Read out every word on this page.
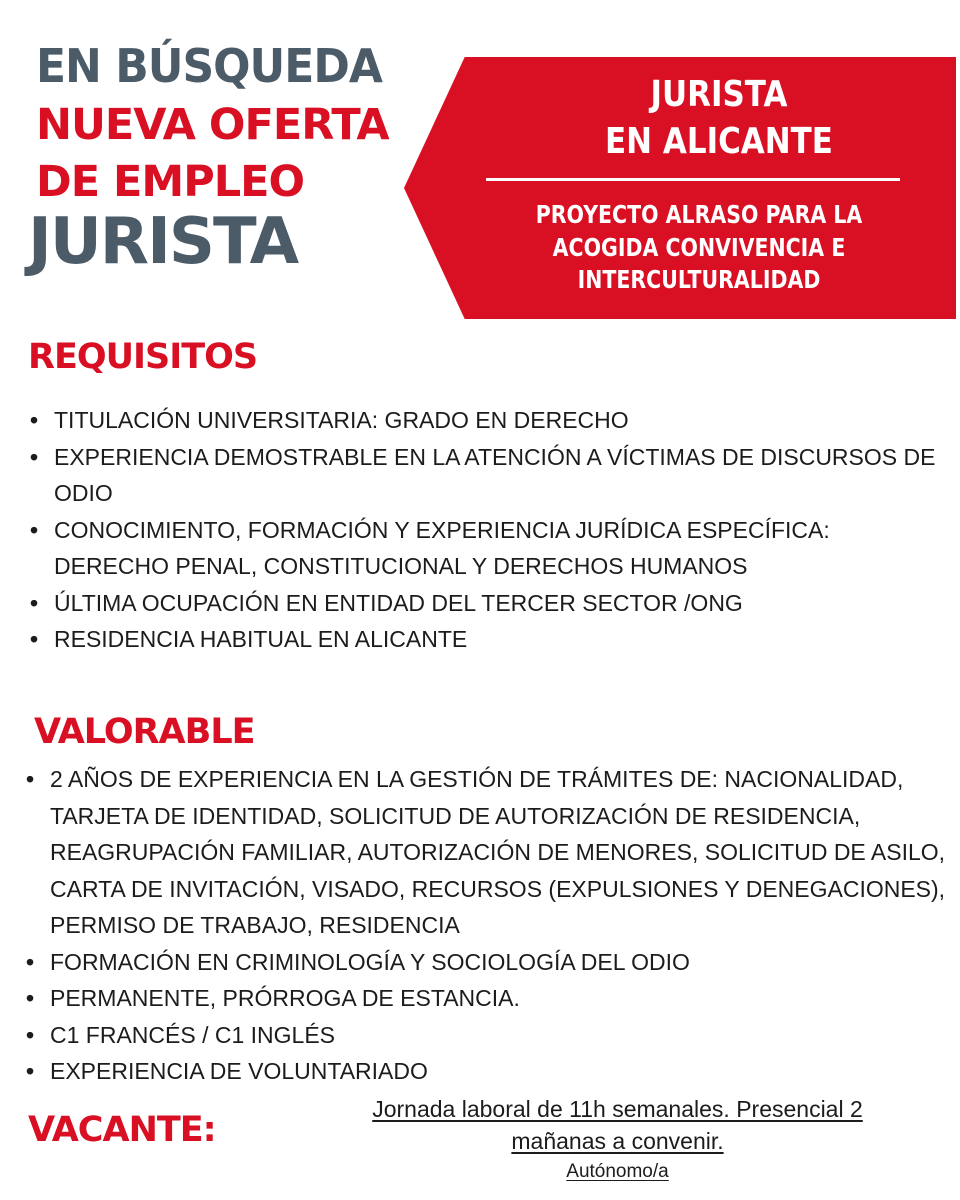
EN BÚSQUEDA
NUEVA OFERTA
DE EMPLEO
JURISTA
JURISTA
EN ALICANTE
PROYECTO ALRASO PARA LA
ACOGIDA CONVIVENCIA E
INTERCULTURALIDAD
REQUISITOS
• TITULACIÓN UNIVERSITARIA: GRADO EN DERECHO
• EXPERIENCIA DEMOSTRABLE EN LA ATENCIÓN A VÍCTIMAS DE DISCURSOS DE ODIO
• CONOCIMIENTO, FORMACIÓN Y EXPERIENCIA JURÍDICA ESPECÍFICA: DERECHO PENAL, CONSTITUCIONAL Y DERECHOS HUMANOS
• ÚLTIMA OCUPACIÓN EN ENTIDAD DEL TERCER SECTOR /ONG
• RESIDENCIA HABITUAL EN ALICANTE
VALORABLE
• 2 AÑOS DE EXPERIENCIA EN LA GESTIÓN DE TRÁMITES DE: NACIONALIDAD, TARJETA DE IDENTIDAD, SOLICITUD DE AUTORIZACIÓN DE RESIDENCIA, REAGRUPACIÓN FAMILIAR, AUTORIZACIÓN DE MENORES, SOLICITUD DE ASILO, CARTA DE INVITACIÓN, VISADO, RECURSOS (EXPULSIONES Y DENEGACIONES), PERMISO DE TRABAJO, RESIDENCIA
• FORMACIÓN EN CRIMINOLOGÍA Y SOCIOLOGÍA DEL ODIO
• PERMANENTE, PRÓRROGA DE ESTANCIA.
• C1 FRANCÉS / C1 INGLÉS
• EXPERIENCIA DE VOLUNTARIADO
VACANTE:
Jornada laboral de 11h semanales. Presencial 2
mañanas a convenir.
Autónomo/a
